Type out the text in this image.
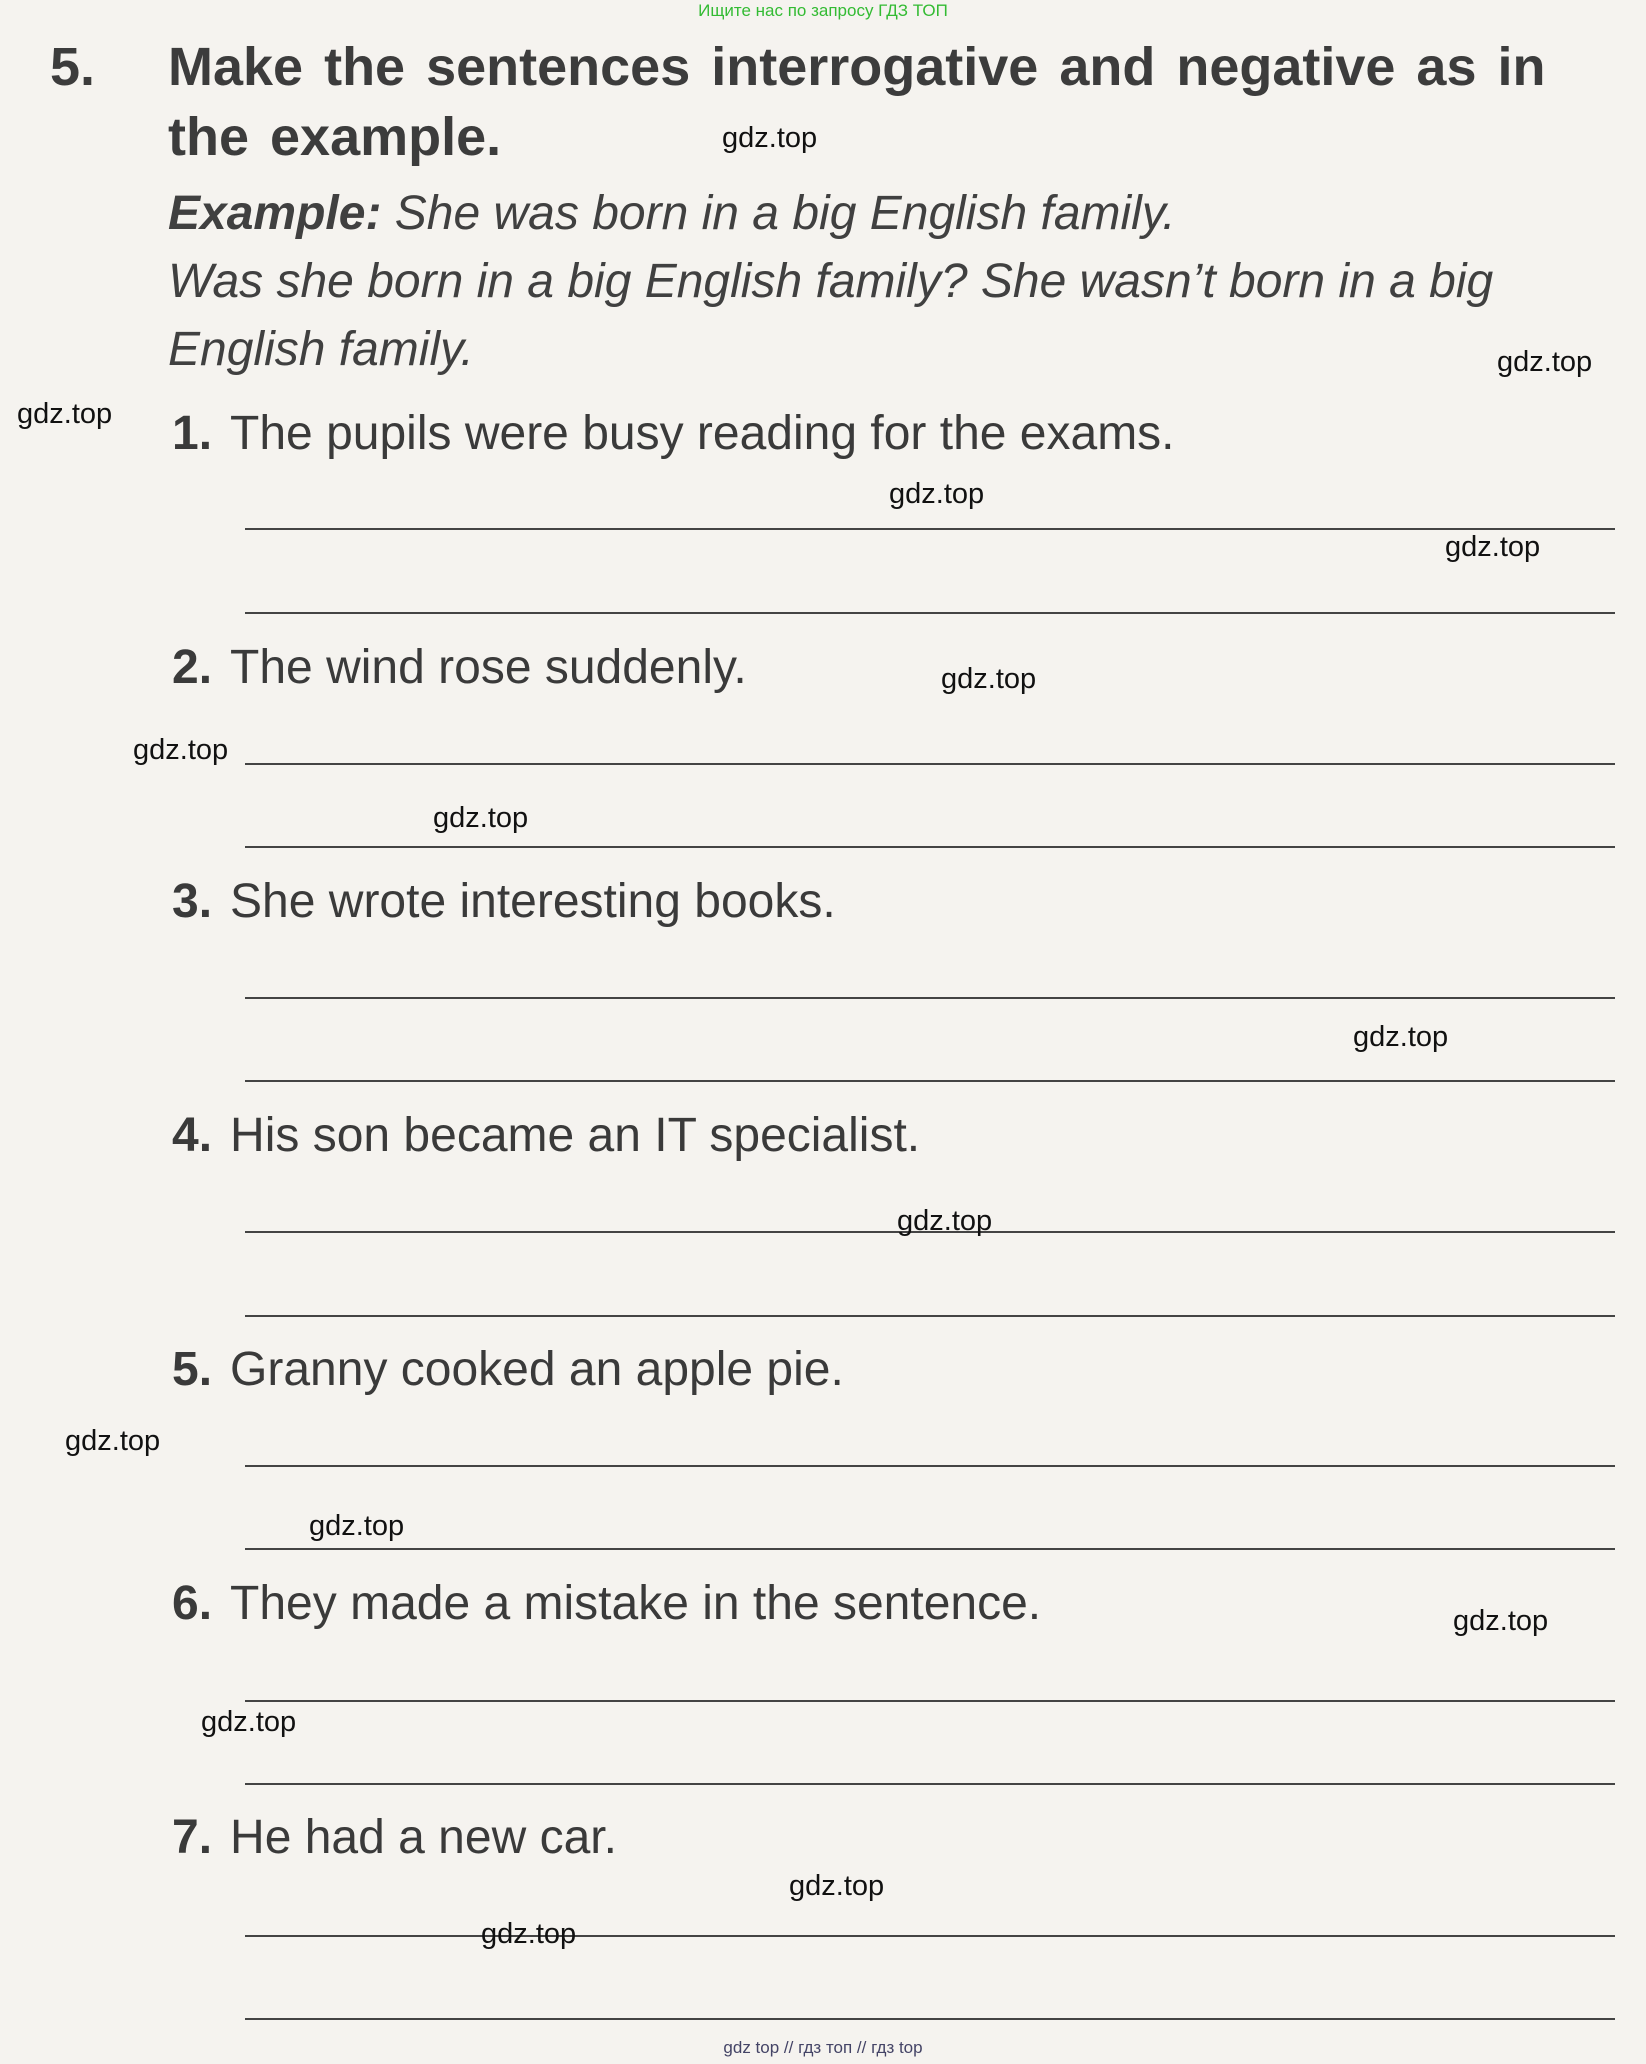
Ищите нас по запросу ГДЗ ТОП
5. Make the sentences interrogative and negative as in the example.
Example: She was born in a big English family.
Was she born in a big English family? She wasn’t born in a big English family.
1. The pupils were busy reading for the exams.
2. The wind rose suddenly.
3. She wrote interesting books.
4. His son became an IT specialist.
5. Granny cooked an apple pie.
6. They made a mistake in the sentence.
7. He had a new car.
gdz.top
gdz.top
gdz.top
gdz.top
gdz.top
gdz.top
gdz.top
gdz.top
gdz.top
gdz.top
gdz.top
gdz.top
gdz.top
gdz.top
gdz.top
gdz.top
gdz top // гдз топ // гдз top
